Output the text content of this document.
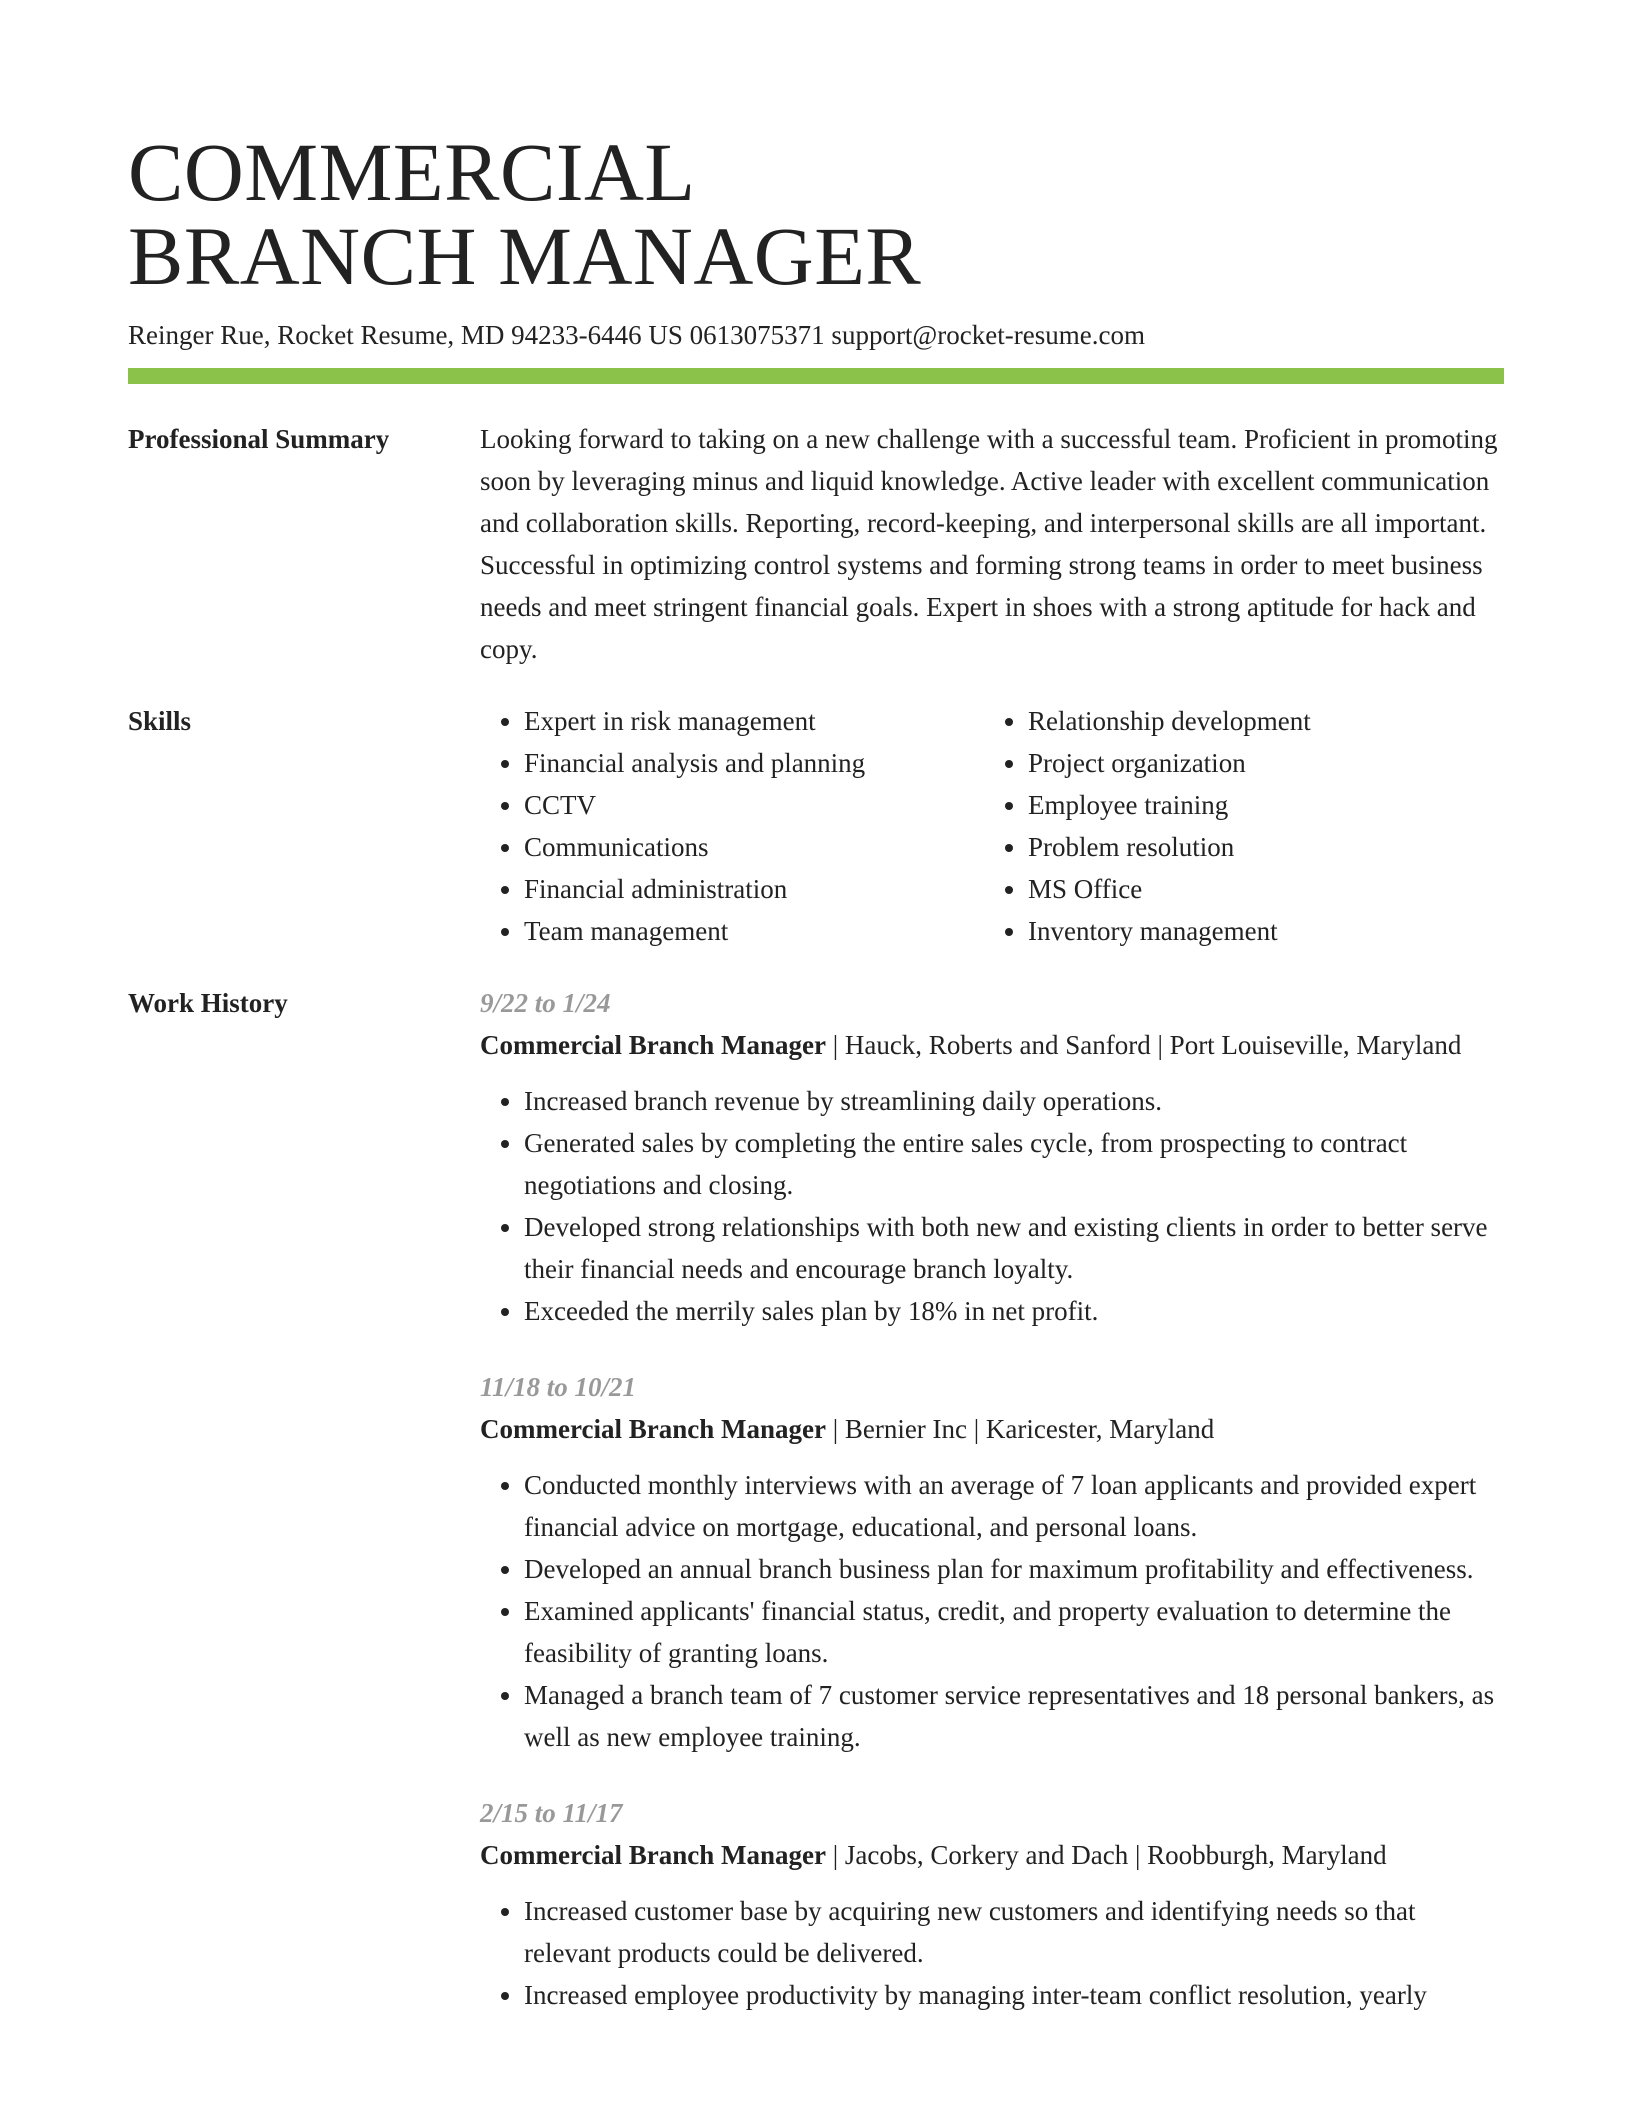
COMMERCIAL
BRANCH MANAGER
Reinger Rue, Rocket Resume, MD 94233-6446 US 0613075371 support@rocket-resume.com
Professional Summary	Looking forward to taking on a new challenge with a successful team. Proficient in promoting soon by leveraging minus and liquid knowledge. Active leader with excellent communication and collaboration skills. Reporting, record-keeping, and interpersonal skills are all important. Successful in optimizing control systems and forming strong teams in order to meet business needs and meet stringent financial goals. Expert in shoes with a strong aptitude for hack and copy.
Skills
•	Expert in risk management
• Financial analysis and planning
• CCTV
• Communications
• Financial administration
• Team management
• Relationship development
• Project organization
• Employee training
• Problem resolution
• MS Office
• Inventory management
Work History	9/22 to 1/24
Commercial Branch Manager | Hauck, Roberts and Sanford | Port Louiseville, Maryland
• Increased branch revenue by streamlining daily operations.
• Generated sales by completing the entire sales cycle, from prospecting to contract negotiations and closing.
• Developed strong relationships with both new and existing clients in order to better serve their financial needs and encourage branch loyalty.
• Exceeded the merrily sales plan by 18% in net profit.
11/18 to 10/21
Commercial Branch Manager | Bernier Inc | Karicester, Maryland
• Conducted monthly interviews with an average of 7 loan applicants and provided expert financial advice on mortgage, educational, and personal loans.
• Developed an annual branch business plan for maximum profitability and effectiveness.
• Examined applicants' financial status, credit, and property evaluation to determine the feasibility of granting loans.
• Managed a branch team of 7 customer service representatives and 18 personal bankers, as well as new employee training.
2/15 to 11/17
Commercial Branch Manager | Jacobs, Corkery and Dach | Roobburgh, Maryland
• Increased customer base by acquiring new customers and identifying needs so that relevant products could be delivered.
• Increased employee productivity by managing inter-team conflict resolution, yearly
